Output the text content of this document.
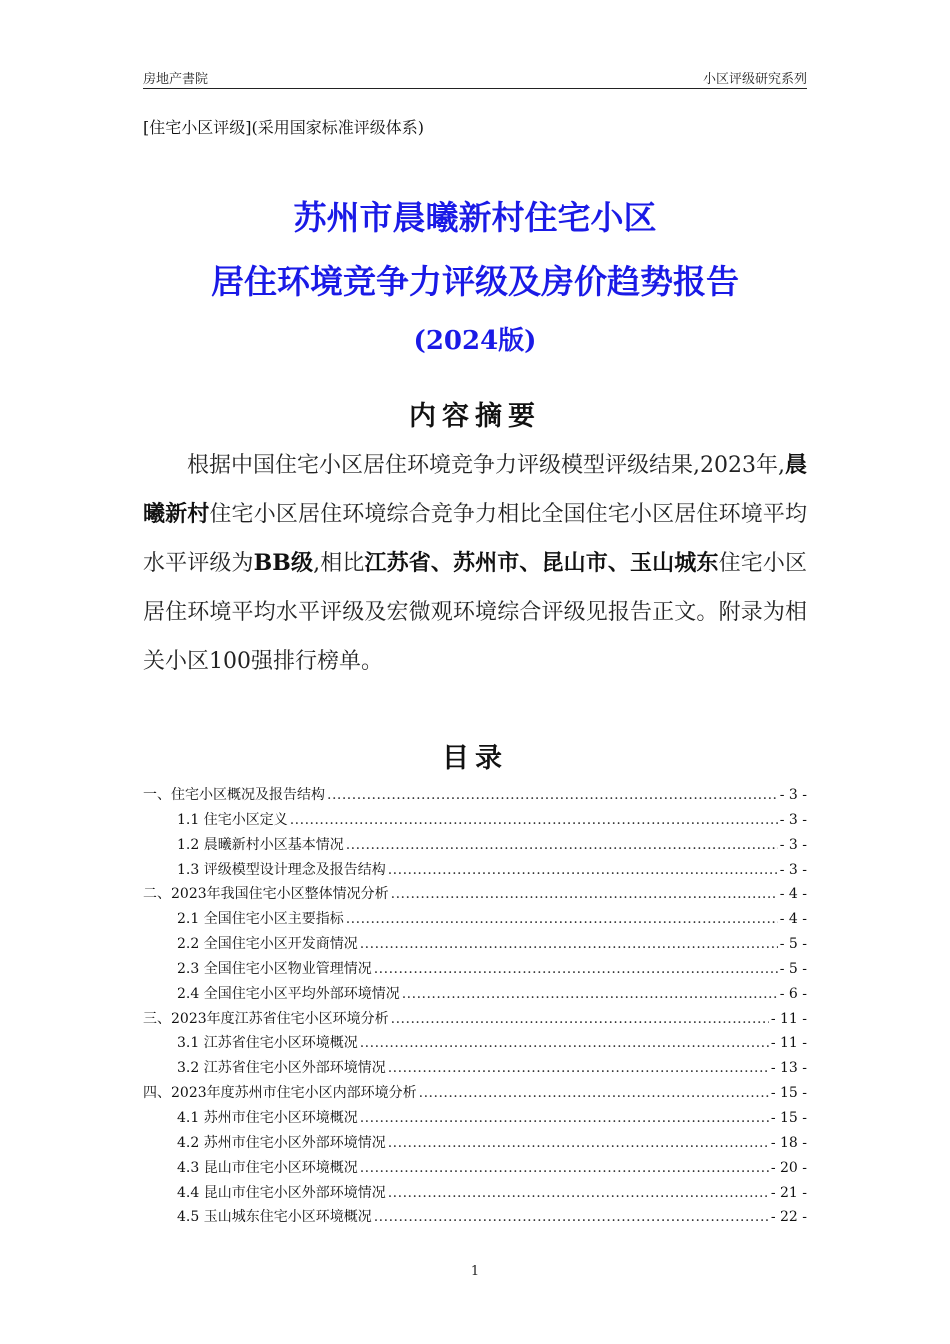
房地产書院	小区评级研究系列
[住宅小区评级](采用国家标准评级体系)
苏州市晨曦新村住宅小区
居住环境竞争力评级及房价趋势报告
(2024版)
内容摘要

根据中国住宅小区居住环境竞争力评级模型评级结果,2023年,晨曦新村住宅小区居住环境综合竞争力相比全国住宅小区居住环境平均水平评级为BB级,相比江苏省、苏州市、昆山市、玉山城东住宅小区居住环境平均水平评级及宏微观环境综合评级见报告正文。附录为相关小区100强排行榜单。

目录
一、住宅小区概况及报告结构 .....	- 3 -
1.1 住宅小区定义 .....	- 3 -
1.2 晨曦新村小区基本情况 .....	- 3 -
1.3 评级模型设计理念及报告结构 .....	- 3 -
二、2023年我国住宅小区整体情况分析 .....	- 4 -
2.1 全国住宅小区主要指标 .....	- 4 -
2.2 全国住宅小区开发商情况 .....	- 5 -
2.3 全国住宅小区物业管理情况 .....	- 5 -
2.4 全国住宅小区平均外部环境情况 .....	- 6 -
三、2023年度江苏省住宅小区环境分析 .....	- 11 -
3.1 江苏省住宅小区环境概况 .....	- 11 -
3.2 江苏省住宅小区外部环境情况 .....	- 13 -
四、2023年度苏州市住宅小区内部环境分析 .....	- 15 -
4.1 苏州市住宅小区环境概况 .....	- 15 -
4.2 苏州市住宅小区外部环境情况 .....	- 18 -
4.3 昆山市住宅小区环境概况 .....	- 20 -
4.4 昆山市住宅小区外部环境情况 .....	- 21 -
4.5 玉山城东住宅小区环境概况 .....	- 22 -
1
